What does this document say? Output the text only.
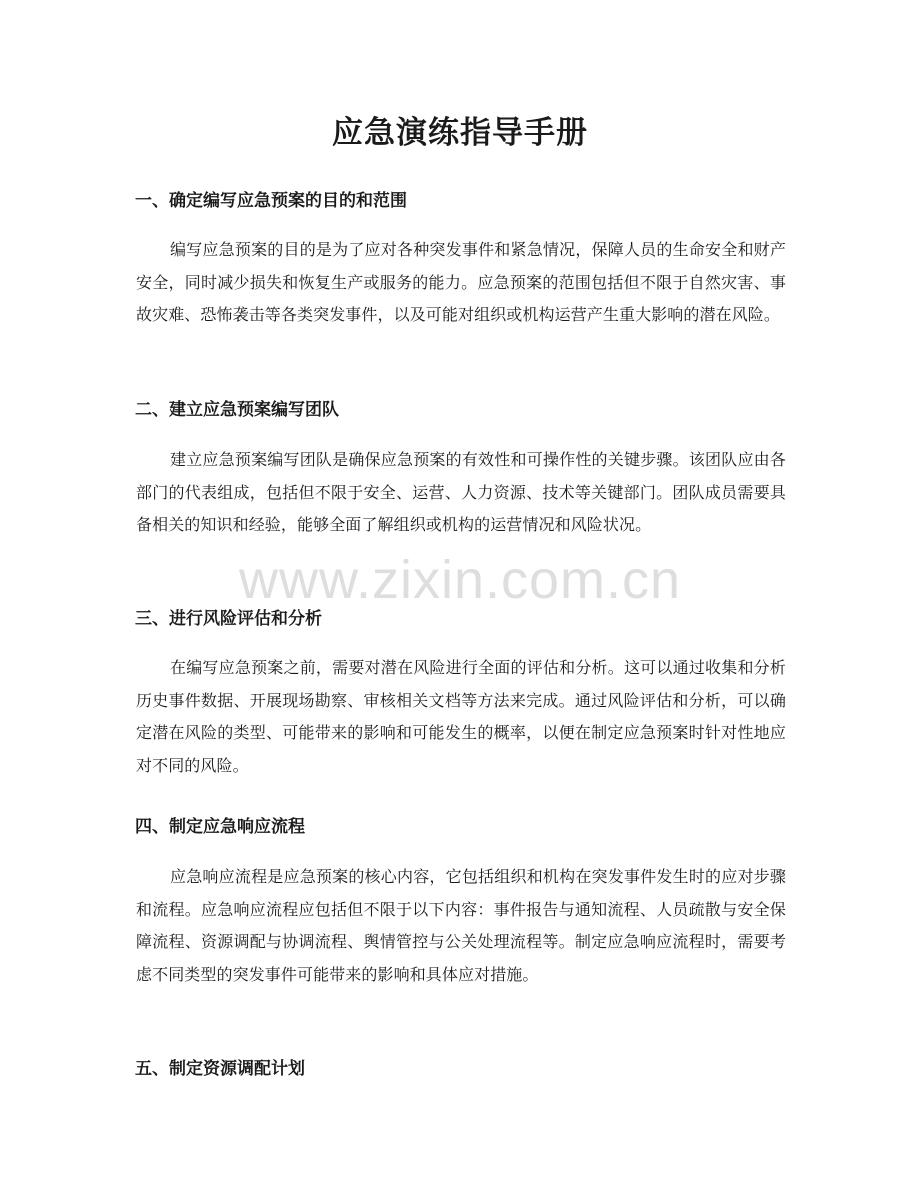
应急演练指导手册
一、确定编写应急预案的目的和范围

编写应急预案的目的是为了应对各种突发事件和紧急情况，保障人员的生命安全和财产安全，同时减少损失和恢复生产或服务的能力。应急预案的范围包括但不限于自然灾害、事故灾难、恐怖袭击等各类突发事件，以及可能对组织或机构运营产生重大影响的潜在风险。

二、建立应急预案编写团队

建立应急预案编写团队是确保应急预案的有效性和可操作性的关键步骤。该团队应由各部门的代表组成，包括但不限于安全、运营、人力资源、技术等关键部门。团队成员需要具备相关的知识和经验，能够全面了解组织或机构的运营情况和风险状况。

三、进行风险评估和分析

在编写应急预案之前，需要对潜在风险进行全面的评估和分析。这可以通过收集和分析历史事件数据、开展现场勘察、审核相关文档等方法来完成。通过风险评估和分析，可以确定潜在风险的类型、可能带来的影响和可能发生的概率，以便在制定应急预案时针对性地应对不同的风险。

四、制定应急响应流程

应急响应流程是应急预案的核心内容，它包括组织和机构在突发事件发生时的应对步骤和流程。应急响应流程应包括但不限于以下内容：事件报告与通知流程、人员疏散与安全保障流程、资源调配与协调流程、舆情管控与公关处理流程等。制定应急响应流程时，需要考虑不同类型的突发事件可能带来的影响和具体应对措施。

五、制定资源调配计划
www.zixin.com.cn
